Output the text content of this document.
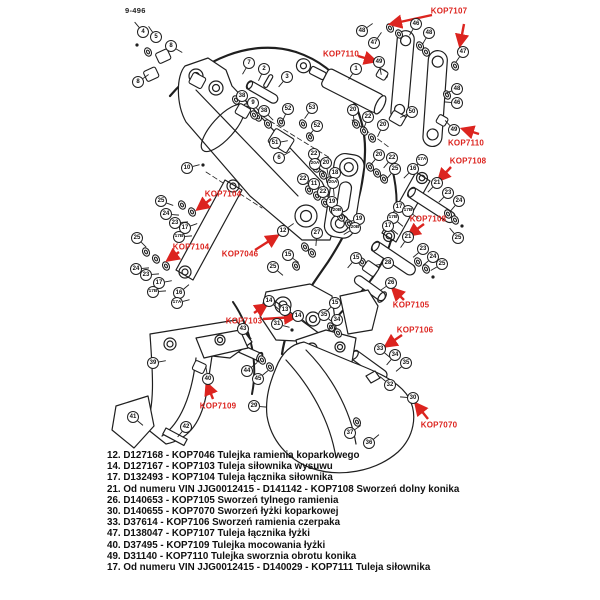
9-496
4
5
8
8
7
2
3
38
9
38	52	53
52
51
6
10
1
49
47
48
46
48
47
48
46
49
50
20
22
20
20	22
25	16
17A
21
23
24
25
17
17B
17B
17
21
23
24
25
22
20
20A
18
22
11	20A
22
19
20B
19
20B
12	27
15	15
28
26
25
14
13
14
31
15
35
34
43
44
45
29
39
40
41
42
33
34
35
32
30
37
36
25
24
23
17
17B
25
24
23
17
17B	16
17A
KOP7107
KOP7110
KOP7110
KOP7108
KOP7108
KOP7104
KOP7104
KOP7046
KOP7103
KOP7109
KOP7105
KOP7106
KOP7070
12. D127168 - KOP7046 Tulejka ramienia koparkowego
14. D127167 - KOP7103 Tuleja siłownika wysuwu
17. D132493 - KOP7104 Tuleja łącznika siłownika
21. Od numeru VIN JJG0012415 - D141142 - KOP7108 Sworzeń dolny konika
26. D140653 - KOP7105 Sworzeń tylnego ramienia
30. D140655 - KOP7070 Sworzeń łyżki koparkowej
33. D37614 - KOP7106 Sworzeń ramienia czerpaka
47. D138047 - KOP7107 Tuleja łącznika łyżki
40. D37495 - KOP7109 Tulejka mocowania łyżki
49. D31140 - KOP7110 Tulejka sworznia obrotu konika
17. Od numeru VIN JJG0012415 - D140029 - KOP7111 Tuleja siłownika
